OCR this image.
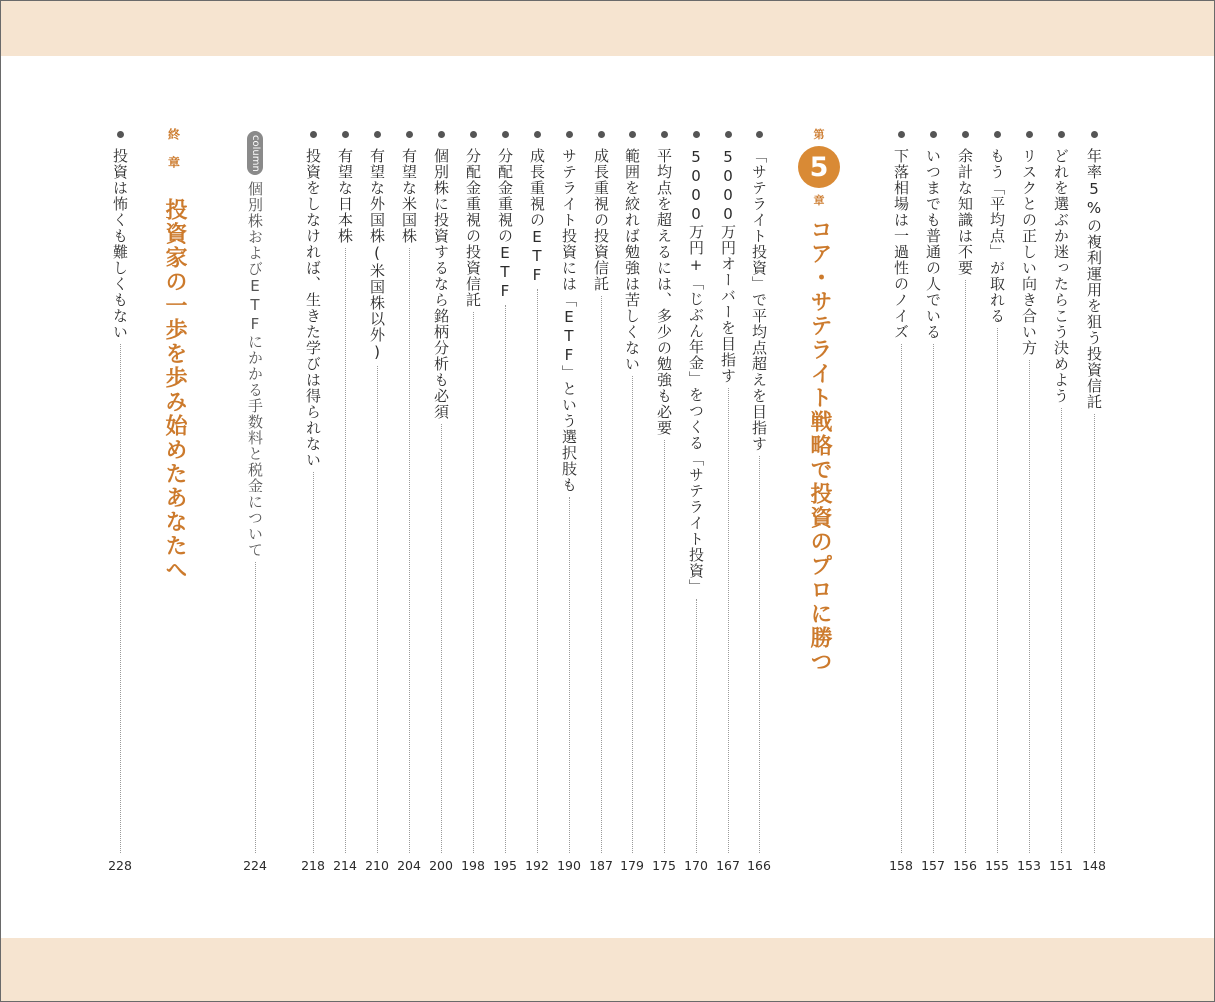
年率5%の複利運用を狙う投資信託
148
どれを選ぶか迷ったらこう決めよう
151
リスクとの正しい向き合い方
153
もう「平均点」が取れる
155
余計な知識は不要
156
いつまでも普通の人でいる
157
下落相場は一過性のノイズ
158
第
5
章
コア・サテライト戦略で投資のプロに勝つ
「サテライト投資」で平均点超えを目指す
166
5000万円オーバーを目指す
167
5000万円+「じぶん年金」をつくる「サテライト投資」
170
平均点を超えるには、多少の勉強も必要
175
範囲を絞れば勉強は苦しくない
179
成長重視の投資信託
187
サテライト投資には「ETF」という選択肢も
190
成長重視のETF
192
分配金重視のETF
195
分配金重視の投資信託
198
個別株に投資するなら銘柄分析も必須
200
有望な米国株
204
有望な外国株(米国株以外)
210
有望な日本株
214
投資をしなければ、生きた学びは得られない
218
column
個別株およびETFにかかる手数料と税金について
224
終章
投資家の一歩を歩み始めたあなたへ
投資は怖くも難しくもない
228
